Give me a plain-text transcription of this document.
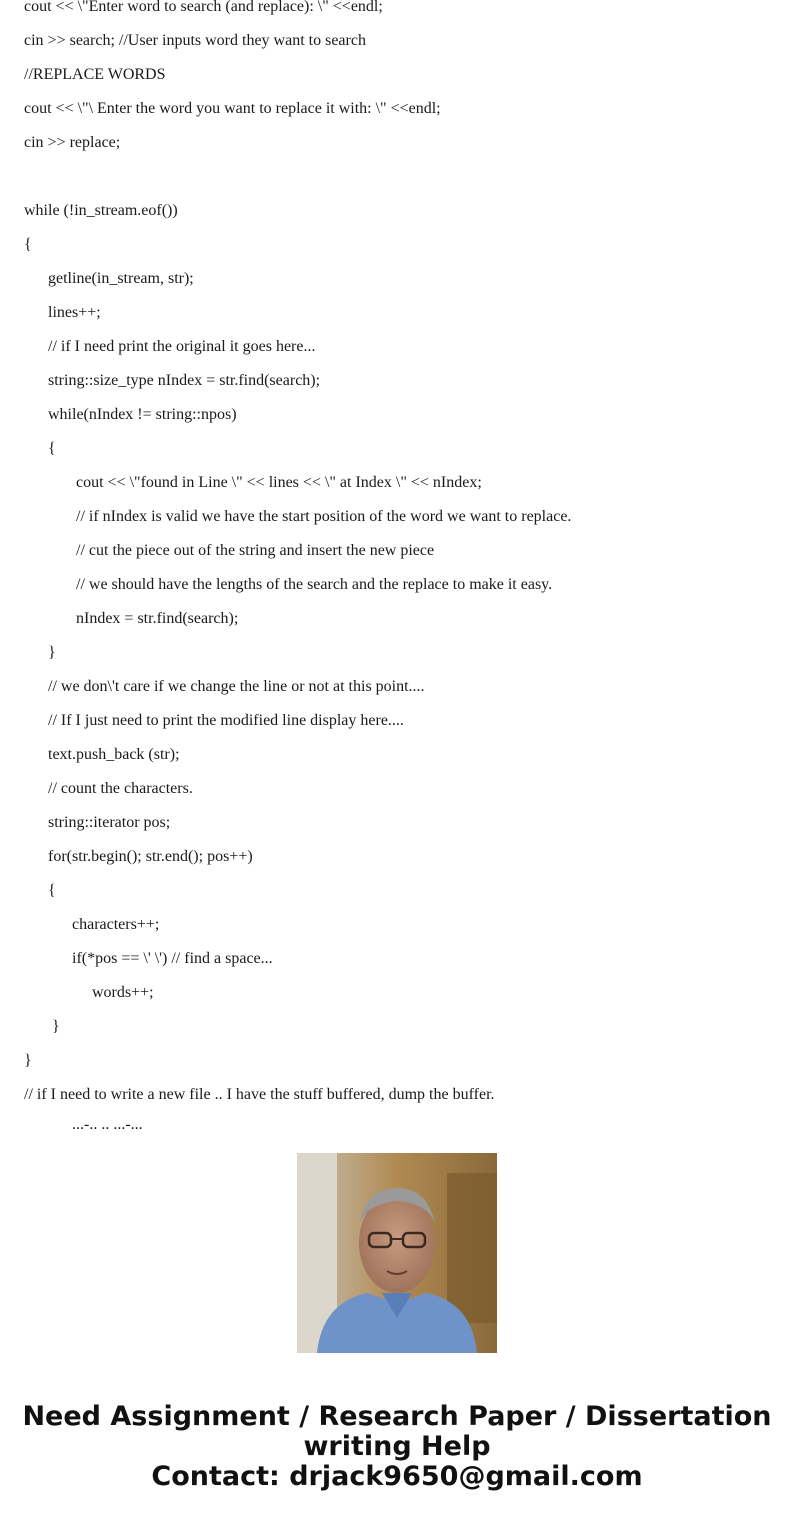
cout << \"Enter word to search (and replace): \" <<endl;
cin >> search; //User inputs word they want to search
//REPLACE WORDS
cout << \"\ Enter the word you want to replace it with: \" <<endl;
cin >> replace;
while (!in_stream.eof())
{
getline(in_stream, str);
lines++;
// if I need print the original it goes here...
string::size_type nIndex = str.find(search);
while(nIndex != string::npos)
{
cout << \"found in Line \" << lines << \" at Index \" << nIndex;
// if nIndex is valid we have the start position of the word we want to replace.
// cut the piece out of the string and insert the new piece
// we should have the lengths of the search and the replace to make it easy.
nIndex = str.find(search);
}
// we don\'t care if we change the line or not at this point....
// If I just need to print the modified line display here....
text.push_back (str);
// count the characters.
string::iterator pos;
for(str.begin(); str.end(); pos++)
{
characters++;
if(*pos == \' \') // find a space...
words++;
}
}
// if I need to write a new file .. I have the stuff buffered, dump the buffer.
...-.. .. ...-...
Need Assignment / Research Paper / Dissertation
writing Help
Contact: drjack9650@gmail.com
